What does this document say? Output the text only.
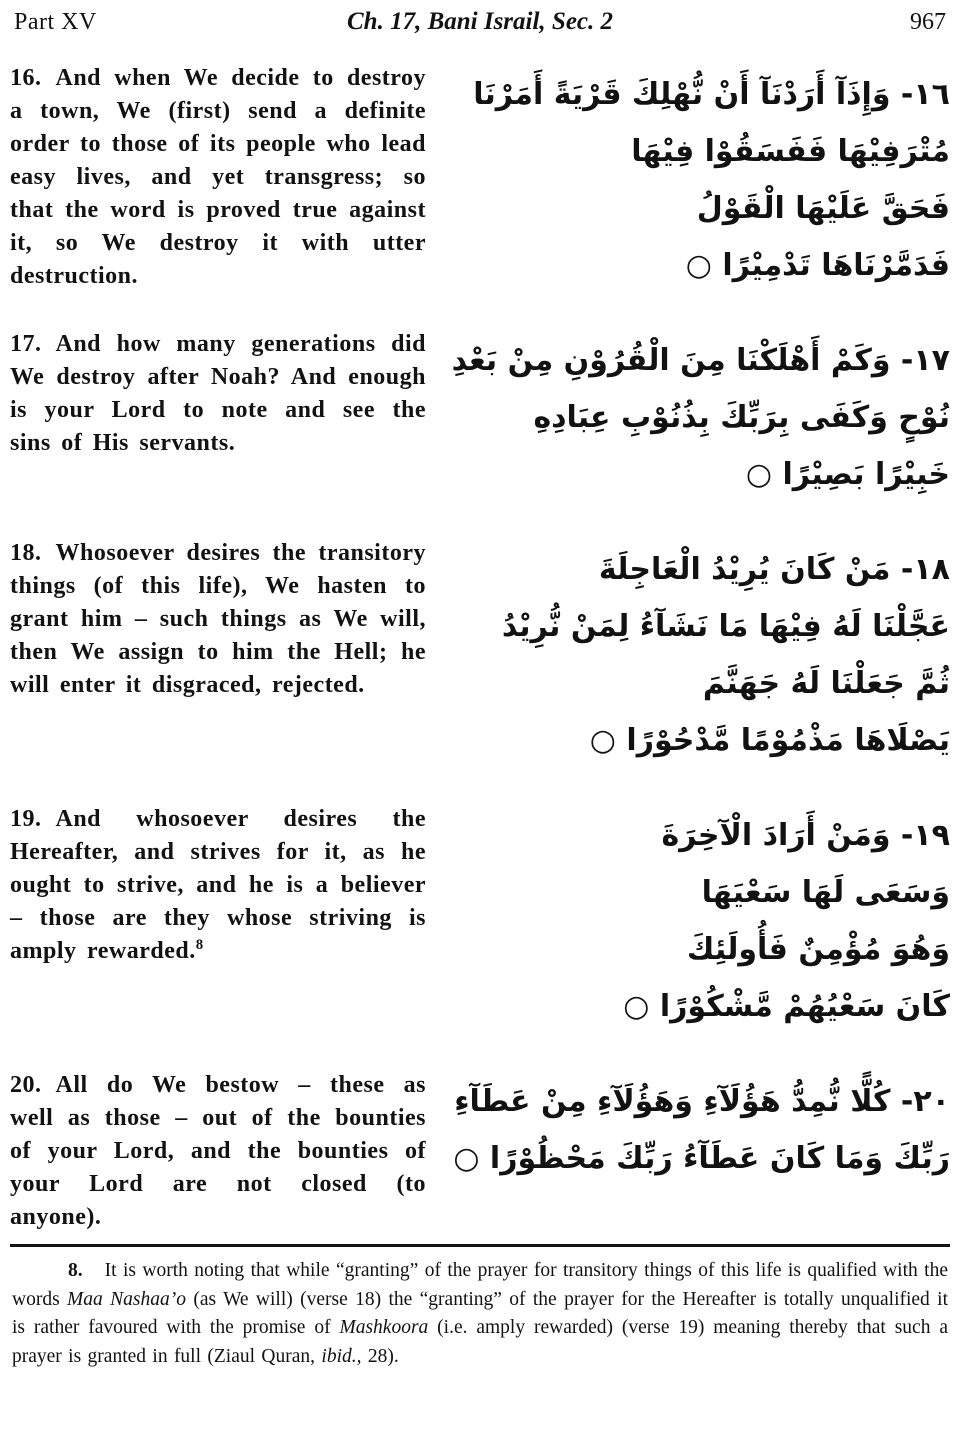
Part XV	Ch. 17, Bani Israil, Sec. 2	967
16. And when We decide to destroy a town, We (first) send a definite order to those of its people who lead easy lives, and yet transgress; so that the word is proved true against it, so We destroy it with utter destruction.
١٦- وَإِذَآ أَرَدْنَآ أَنْ نُّهْلِكَ قَرْيَةً أَمَرْنَا
مُتْرَفِيْهَا فَفَسَقُوْا فِيْهَا
فَحَقَّ عَلَيْهَا الْقَوْلُ
فَدَمَّرْنَاهَا تَدْمِيْرًا ○
17. And how many generations did We destroy after Noah? And enough is your Lord to note and see the sins of His servants.
١٧- وَكَمْ أَهْلَكْنَا مِنَ الْقُرُوْنِ مِنْ بَعْدِ
نُوْحٍ وَكَفَى بِرَبِّكَ بِذُنُوْبِ عِبَادِهِ
خَبِيْرًا بَصِيْرًا ○
18. Whosoever desires the transitory things (of this life), We hasten to grant him – such things as We will, then We assign to him the Hell; he will enter it disgraced, rejected.
١٨- مَنْ كَانَ يُرِيْدُ الْعَاجِلَةَ
عَجَّلْنَا لَهُ فِيْهَا مَا نَشَآءُ لِمَنْ نُّرِيْدُ
ثُمَّ جَعَلْنَا لَهُ جَهَنَّمَ
يَصْلَاهَا مَذْمُوْمًا مَّدْحُوْرًا ○
19. And whosoever desires the Hereafter, and strives for it, as he ought to strive, and he is a believer – those are they whose striving is amply rewarded.$^8$
١٩- وَمَنْ أَرَادَ الْآخِرَةَ
وَسَعَى لَهَا سَعْيَهَا
وَهُوَ مُؤْمِنٌ فَأُولَئِكَ
كَانَ سَعْيُهُمْ مَّشْكُوْرًا ○
20. All do We bestow – these as well as those – out of the bounties of your Lord, and the bounties of your Lord are not closed (to anyone).
٢٠- كُلًّا نُّمِدُّ هَؤُلَآءِ وَهَؤُلَآءِ مِنْ عَطَآءِ
رَبِّكَ وَمَا كَانَ عَطَآءُ رَبِّكَ مَحْظُوْرًا ○
8. It is worth noting that while “granting” of the prayer for transitory things of this life is qualified with the words Maa Nashaa’o (as We will) (verse 18) the “granting” of the prayer for the Hereafter is totally unqualified it is rather favoured with the promise of Mashkoora (i.e. amply rewarded) (verse 19) meaning thereby that such a prayer is granted in full (Ziaul Quran, ibid., 28).
